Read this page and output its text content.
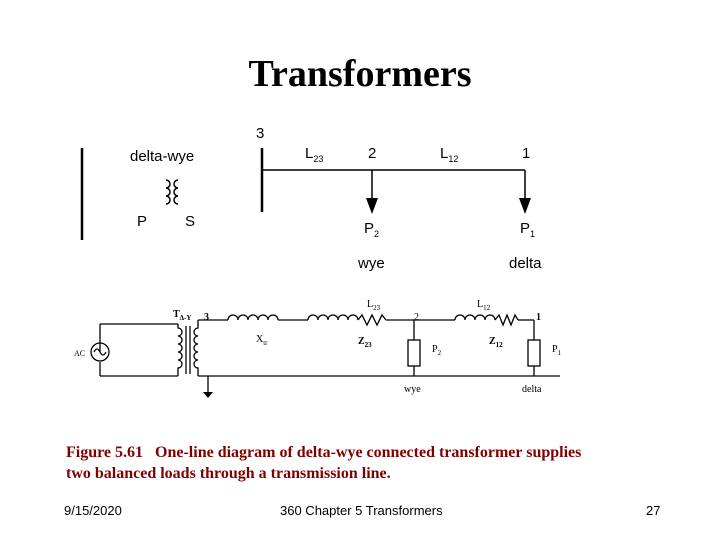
Transformers
3
2	1
delta-wye
P	S
$L_{23}$	$L_{12}$
$P_2$	$P_1$
wye	delta
AC
$T_{\Delta-Y}$ 3
$X_{tr}$
$L_{23}$
2
$L_{12}$
1
$Z_{23}$	$Z_{12}$
$P_2$	$P_1$
wye	delta
Figure 5.61   One-line diagram of delta-wye connected transformer supplies
two balanced loads through a transmission line.
9/15/2020	360 Chapter 5 Transformers	27
